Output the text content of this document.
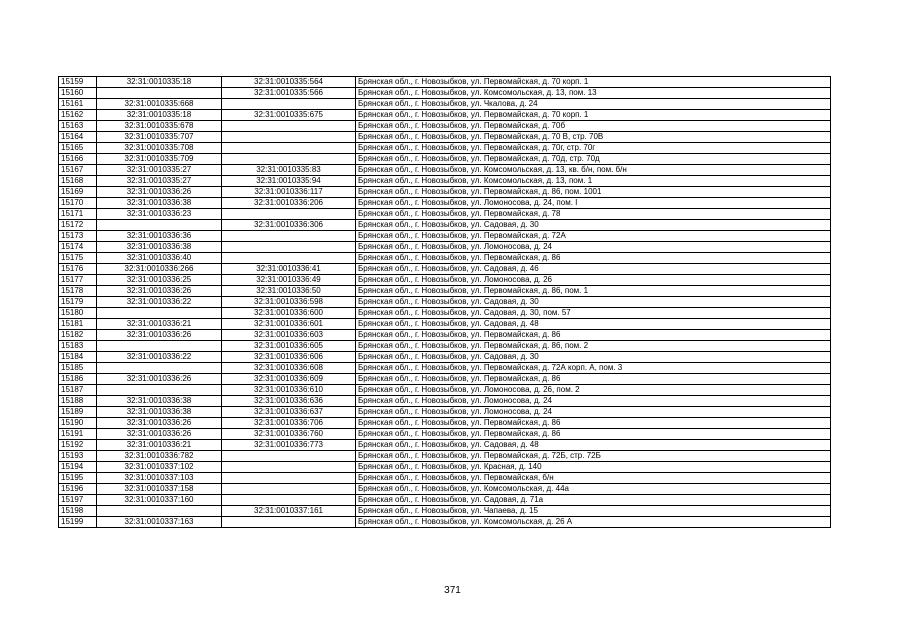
15159	32:31:0010335:18	32:31:0010335:564	Брянская обл., г. Новозыбков, ул. Первомайская, д. 70 корп. 1
15160		32:31:0010335:566	Брянская обл., г. Новозыбков, ул. Комсомольская, д. 13, пом. 13
15161	32:31:0010335:668		Брянская обл., г. Новозыбков, ул. Чкалова, д. 24
15162	32:31:0010335:18	32:31:0010335:675	Брянская обл., г. Новозыбков, ул. Первомайская, д. 70 корп. 1
15163	32:31:0010335:678		Брянская обл., г. Новозыбков, ул. Первомайская, д. 70б
15164	32:31:0010335:707		Брянская обл., г. Новозыбков, ул. Первомайская, д. 70 В, стр. 70В
15165	32:31:0010335:708		Брянская обл., г. Новозыбков, ул. Первомайская, д. 70г, стр. 70г
15166	32:31:0010335:709		Брянская обл., г. Новозыбков, ул. Первомайская, д. 70д, стр. 70д
15167	32:31:0010335:27	32:31:0010335:83	Брянская обл., г. Новозыбков, ул. Комсомольская, д. 13, кв. б/н, пом. б/н
15168	32:31:0010335:27	32:31:0010335:94	Брянская обл., г. Новозыбков, ул. Комсомольская, д. 13, пом. 1
15169	32:31:0010336:26	32:31:0010336:117	Брянская обл., г. Новозыбков, ул. Первомайская, д. 86, пом. 1001
15170	32:31:0010336:38	32:31:0010336:206	Брянская обл., г. Новозыбков, ул. Ломоносова, д. 24, пом. I
15171	32:31:0010336:23		Брянская обл., г. Новозыбков, ул. Первомайская, д. 78
15172		32:31:0010336:306	Брянская обл., г. Новозыбков, ул. Садовая, д. 30
15173	32:31:0010336:36		Брянская обл., г. Новозыбков, ул. Первомайская, д. 72А
15174	32:31:0010336:38		Брянская обл., г. Новозыбков, ул. Ломоносова, д. 24
15175	32:31:0010336:40		Брянская обл., г. Новозыбков, ул. Первомайская, д. 86
15176	32:31:0010336:266	32:31:0010336:41	Брянская обл., г. Новозыбков, ул. Садовая, д. 46
15177	32:31:0010336:25	32:31:0010336:49	Брянская обл., г. Новозыбков, ул. Ломоносова, д. 26
15178	32:31:0010336:26	32:31:0010336:50	Брянская обл., г. Новозыбков, ул. Первомайская, д. 86, пом. 1
15179	32:31:0010336:22	32:31:0010336:598	Брянская обл., г. Новозыбков, ул. Садовая, д. 30
15180		32:31:0010336:600	Брянская обл., г. Новозыбков, ул. Садовая, д. 30, пом. 57
15181	32:31:0010336:21	32:31:0010336:601	Брянская обл., г. Новозыбков, ул. Садовая, д. 48
15182	32:31:0010336:26	32:31:0010336:603	Брянская обл., г. Новозыбков, ул. Первомайская, д. 86
15183		32:31:0010336:605	Брянская обл., г. Новозыбков, ул. Первомайская, д. 86, пом. 2
15184	32:31:0010336:22	32:31:0010336:606	Брянская обл., г. Новозыбков, ул. Садовая, д. 30
15185		32:31:0010336:608	Брянская обл., г. Новозыбков, ул. Первомайская, д. 72А корп. А, пом. 3
15186	32:31:0010336:26	32:31:0010336:609	Брянская обл., г. Новозыбков, ул. Первомайская, д. 86
15187		32:31:0010336:610	Брянская обл., г. Новозыбков, ул. Ломоносова, д. 26, пом. 2
15188	32:31:0010336:38	32:31:0010336:636	Брянская обл., г. Новозыбков, ул. Ломоносова, д. 24
15189	32:31:0010336:38	32:31:0010336:637	Брянская обл., г. Новозыбков, ул. Ломоносова, д. 24
15190	32:31:0010336:26	32:31:0010336:706	Брянская обл., г. Новозыбков, ул. Первомайская, д. 86
15191	32:31:0010336:26	32:31:0010336:760	Брянская обл., г. Новозыбков, ул. Первомайская, д. 86
15192	32:31:0010336:21	32:31:0010336:773	Брянская обл., г. Новозыбков, ул. Садовая, д. 48
15193	32:31:0010336:782		Брянская обл., г. Новозыбков, ул. Первомайская, д. 72Б, стр. 72Б
15194	32:31:0010337:102		Брянская обл., г. Новозыбков, ул. Красная, д. 140
15195	32:31:0010337:103		Брянская обл., г. Новозыбков, ул. Первомайская, б/н
15196	32:31:0010337:158		Брянская обл., г. Новозыбков, ул. Комсомольская, д. 44а
15197	32:31:0010337:160		Брянская обл., г. Новозыбков, ул. Садовая, д. 71а
15198		32:31:0010337:161	Брянская обл., г. Новозыбков, ул. Чапаева, д. 15
15199	32:31:0010337:163		Брянская обл., г. Новозыбков, ул. Комсомольская, д. 26 А
371
